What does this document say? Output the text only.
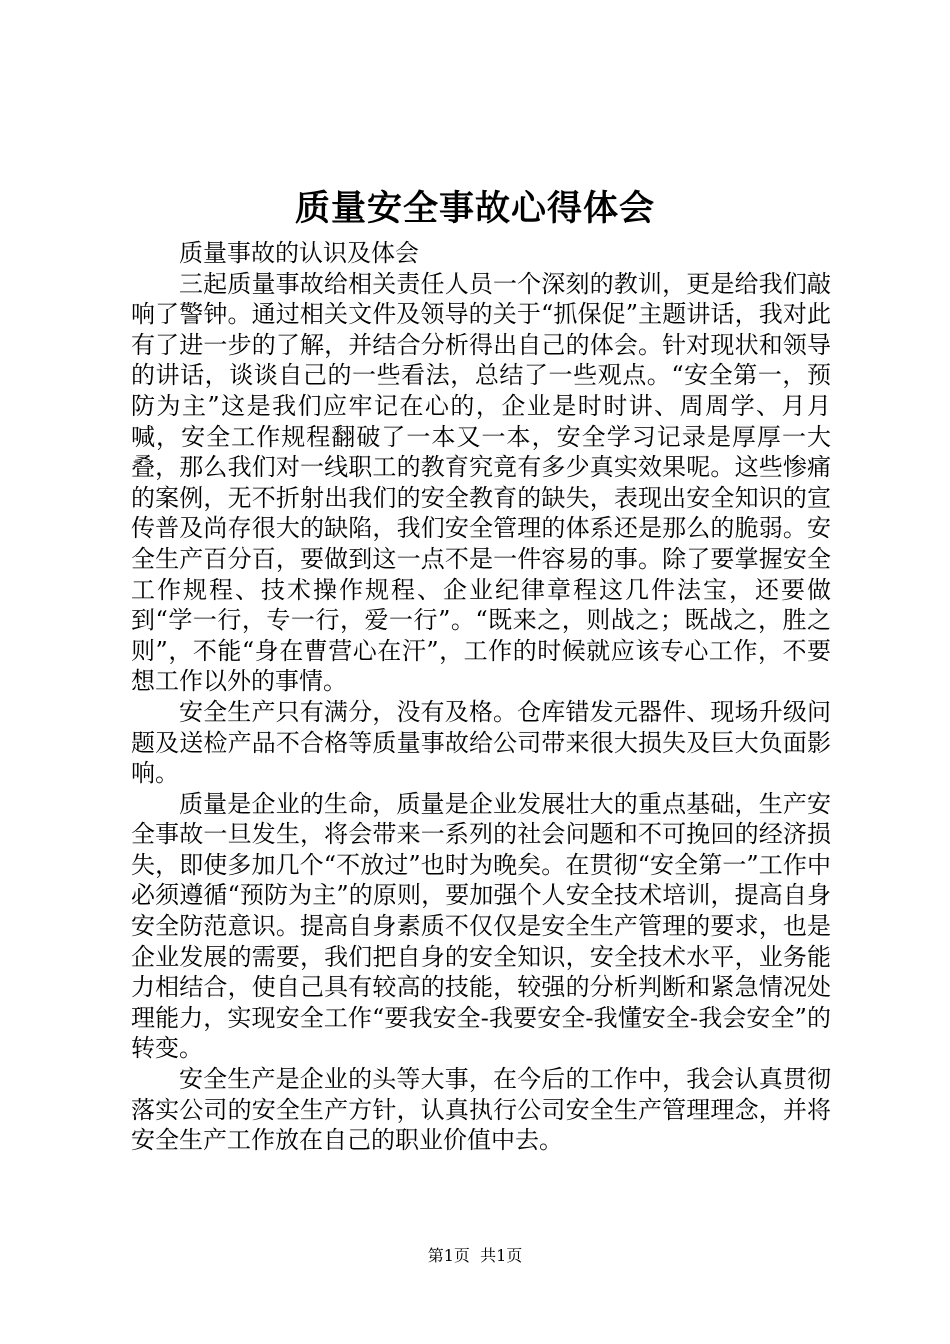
质量安全事故心得体会

质量事故的认识及体会

三起质量事故给相关责任人员一个深刻的教训，更是给我们敲响了警钟。通过相关文件及领导的关于“抓保促”主题讲话，我对此有了进一步的了解，并结合分析得出自己的体会。针对现状和领导的讲话，谈谈自己的一些看法，总结了一些观点。“安全第一，预防为主”这是我们应牢记在心的，企业是时时讲、周周学、月月喊，安全工作规程翻破了一本又一本，安全学习记录是厚厚一大叠，那么我们对一线职工的教育究竟有多少真实效果呢。这些惨痛的案例，无不折射出我们的安全教育的缺失，表现出安全知识的宣传普及尚存很大的缺陷，我们安全管理的体系还是那么的脆弱。安全生产百分百，要做到这一点不是一件容易的事。除了要掌握安全工作规程、技术操作规程、企业纪律章程这几件法宝，还要做到“学一行，专一行，爱一行”。“既来之，则战之；既战之，胜之则”，不能“身在曹营心在汗”，工作的时候就应该专心工作，不要想工作以外的事情。

安全生产只有满分，没有及格。仓库错发元器件、现场升级问题及送检产品不合格等质量事故给公司带来很大损失及巨大负面影响。

质量是企业的生命，质量是企业发展壮大的重点基础，生产安全事故一旦发生，将会带来一系列的社会问题和不可挽回的经济损失，即使多加几个“不放过”也时为晚矣。在贯彻“安全第一”工作中必须遵循“预防为主”的原则，要加强个人安全技术培训，提高自身安全防范意识。提高自身素质不仅仅是安全生产管理的要求，也是企业发展的需要，我们把自身的安全知识，安全技术水平，业务能力相结合，使自己具有较高的技能，较强的分析判断和紧急情况处理能力，实现安全工作“要我安全-我要安全-我懂安全-我会安全”的转变。

安全生产是企业的头等大事，在今后的工作中，我会认真贯彻落实公司的安全生产方针，认真执行公司安全生产管理理念，并将安全生产工作放在自己的职业价值中去。

第1页 共1页
